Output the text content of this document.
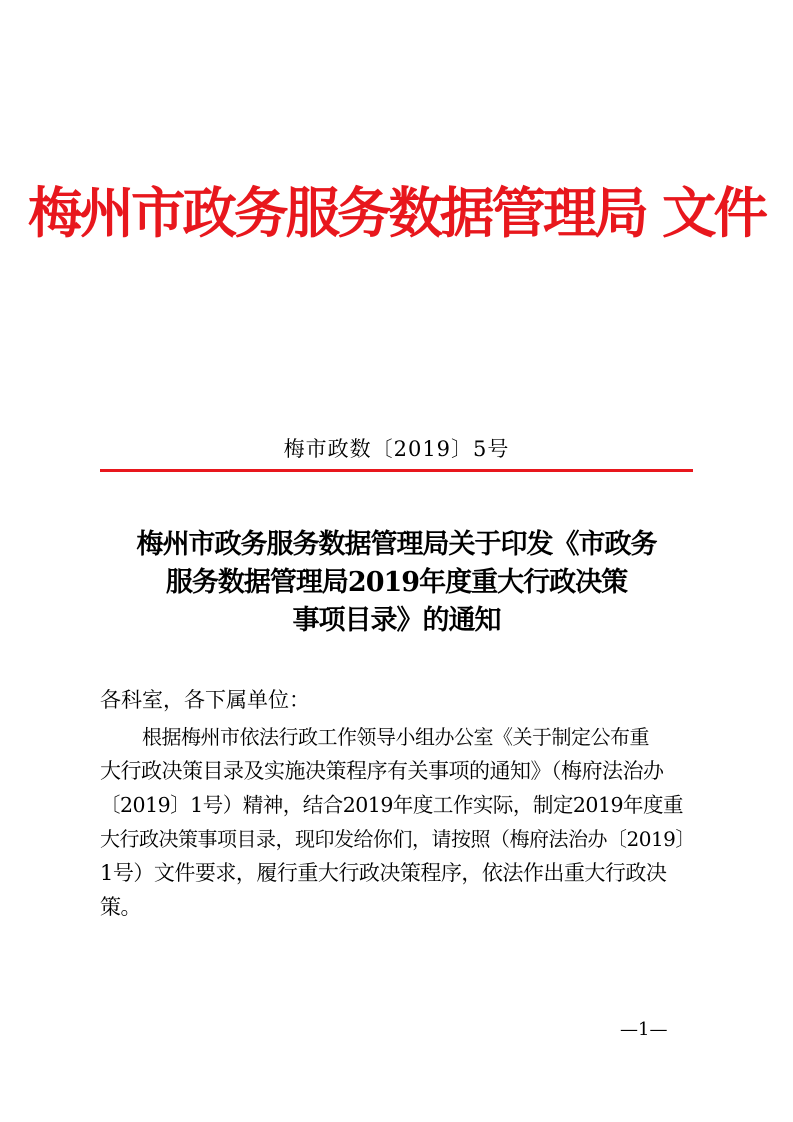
梅州市政务服务数据管理局 文件
梅市政数〔2019〕5号
梅州市政务服务数据管理局关于印发《市政务
服务数据管理局2019年度重大行政决策
事项目录》的通知
各科室，各下属单位：
根据梅州市依法行政工作领导小组办公室《关于制定公布重
大行政决策目录及实施决策程序有关事项的通知》（梅府法治办
〔2019〕1号）精神，结合2019年度工作实际，制定2019年度重
大行政决策事项目录，现印发给你们，请按照（梅府法治办〔2019〕
1号）文件要求，履行重大行政决策程序，依法作出重大行政决
策。
—1—
